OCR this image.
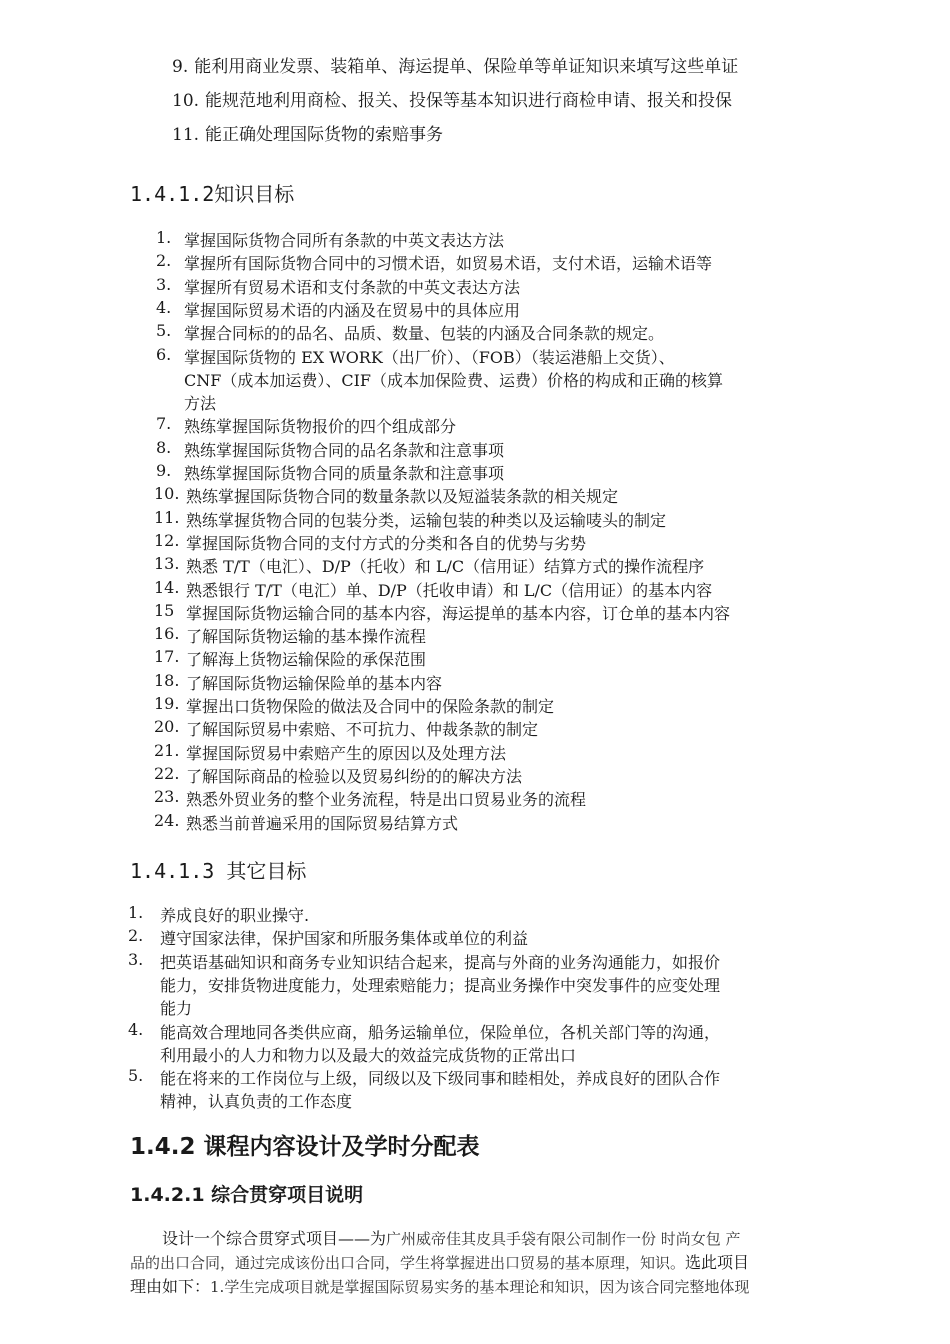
9. 能利用商业发票、装箱单、海运提单、保险单等单证知识来填写这些单证
10. 能规范地利用商检、报关、投保等基本知识进行商检申请、报关和投保
11. 能正确处理国际货物的索赔事务
1.4.1.2知识目标
1. 掌握国际货物合同所有条款的中英文表达方法
2. 掌握所有国际货物合同中的习惯术语，如贸易术语，支付术语，运输术语等
3. 掌握所有贸易术语和支付条款的中英文表达方法
4. 掌握国际贸易术语的内涵及在贸易中的具体应用
5. 掌握合同标的的品名、品质、数量、包装的内涵及合同条款的规定。
6. 掌握国际货物的 EX WORK（出厂价）、（FOB）（装运港船上交货）、
CNF（成本加运费）、CIF（成本加保险费、运费）价格的构成和正确的核算
方法
7. 熟练掌握国际货物报价的四个组成部分
8. 熟练掌握国际货物合同的品名条款和注意事项
9. 熟练掌握国际货物合同的质量条款和注意事项
10. 熟练掌握国际货物合同的数量条款以及短溢装条款的相关规定
11. 熟练掌握货物合同的包装分类，运输包装的种类以及运输唛头的制定
12. 掌握国际货物合同的支付方式的分类和各自的优势与劣势
13. 熟悉 T/T（电汇）、D/P（托收）和 L/C（信用证）结算方式的操作流程序
14. 熟悉银行 T/T（电汇）单、D/P（托收申请）和 L/C（信用证）的基本内容
15 掌握国际货物运输合同的基本内容，海运提单的基本内容，订仓单的基本内容
16. 了解国际货物运输的基本操作流程
17. 了解海上货物运输保险的承保范围
18. 了解国际货物运输保险单的基本内容
19. 掌握出口货物保险的做法及合同中的保险条款的制定
20. 了解国际贸易中索赔、不可抗力、仲裁条款的制定
21. 掌握国际贸易中索赔产生的原因以及处理方法
22. 了解国际商品的检验以及贸易纠纷的的解决方法
23. 熟悉外贸业务的整个业务流程，特是出口贸易业务的流程
24. 熟悉当前普遍采用的国际贸易结算方式
1.4.1.3 其它目标
1. 养成良好的职业操守.
2. 遵守国家法律，保护国家和所服务集体或单位的利益
3. 把英语基础知识和商务专业知识结合起来，提高与外商的业务沟通能力，如报价
能力，安排货物进度能力，处理索赔能力；提高业务操作中突发事件的应变处理
能力
4. 能高效合理地同各类供应商，船务运输单位，保险单位，各机关部门等的沟通，
利用最小的人力和物力以及最大的效益完成货物的正常出口
5. 能在将来的工作岗位与上级，同级以及下级同事和睦相处，养成良好的团队合作
精神，认真负责的工作态度
1.4.2 课程内容设计及学时分配表
1.4.2.1 综合贯穿项目说明
设计一个综合贯穿式项目——为广州威帝佳其皮具手袋有限公司制作一份 时尚女包 产
品的出口合同，通过完成该份出口合同，学生将掌握进出口贸易的基本原理，知识。选此项目
理由如下：1.学生完成项目就是掌握国际贸易实务的基本理论和知识，因为该合同完整地体现
